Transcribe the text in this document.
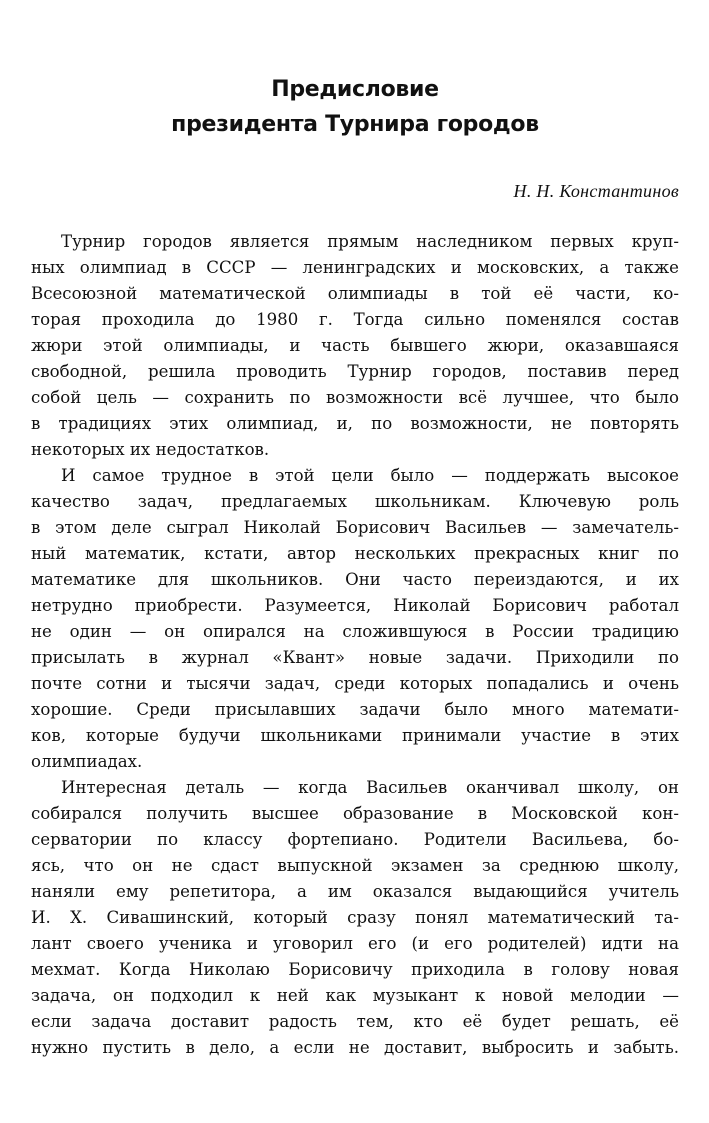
Предисловие
президента Турнира городов
Н. Н. Константинов
Турнир городов является прямым наследником первых круп-
ных олимпиад в СССР — ленинградских и московских, а также
Всесоюзной математической олимпиады в той её части, ко-
торая проходила до 1980 г. Тогда сильно поменялся состав
жюри этой олимпиады, и часть бывшего жюри, оказавшаяся
свободной, решила проводить Турнир городов, поставив перед
собой цель — сохранить по возможности всё лучшее, что было
в традициях этих олимпиад, и, по возможности, не повторять
некоторых их недостатков.
И самое трудное в этой цели было — поддержать высокое
качество задач, предлагаемых школьникам. Ключевую роль
в этом деле сыграл Николай Борисович Васильев — замечатель-
ный математик, кстати, автор нескольких прекрасных книг по
математике для школьников. Они часто переиздаются, и их
нетрудно приобрести. Разумеется, Николай Борисович работал
не один — он опирался на сложившуюся в России традицию
присылать в журнал «Квант» новые задачи. Приходили по
почте сотни и тысячи задач, среди которых попадались и очень
хорошие. Среди присылавших задачи было много математи-
ков, которые будучи школьниками принимали участие в этих
олимпиадах.
Интересная деталь — когда Васильев оканчивал школу, он
собирался получить высшее образование в Московской кон-
серватории по классу фортепиано. Родители Васильева, бо-
ясь, что он не сдаст выпускной экзамен за среднюю школу,
наняли ему репетитора, а им оказался выдающийся учитель
И. Х. Сивашинский, который сразу понял математический та-
лант своего ученика и уговорил его (и его родителей) идти на
мехмат. Когда Николаю Борисовичу приходила в голову новая
задача, он подходил к ней как музыкант к новой мелодии —
если задача доставит радость тем, кто её будет решать, её
нужно пустить в дело, а если не доставит, выбросить и забыть.
